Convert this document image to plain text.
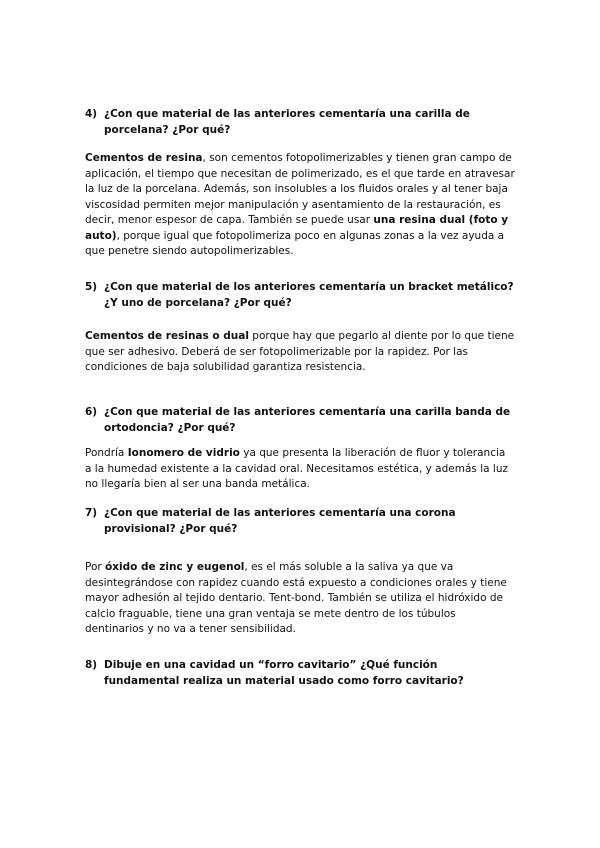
4) ¿Con que material de las anteriores cementaría una carilla de porcelana? ¿Por qué?
Cementos de resina, son cementos fotopolimerizables y tienen gran campo de aplicación, el tiempo que necesitan de polimerizado, es el que tarde en atravesar la luz de la porcelana. Además, son insolubles a los fluidos orales y al tener baja viscosidad permiten mejor manipulación y asentamiento de la restauración, es decir, menor espesor de capa. También se puede usar una resina dual (foto y auto), porque igual que fotopolimeriza poco en algunas zonas a la vez ayuda a que penetre siendo autopolimerizables.
5) ¿Con que material de los anteriores cementaría un bracket metálico? ¿Y uno de porcelana? ¿Por qué?
Cementos de resinas o dual porque hay que pegarlo al diente por lo que tiene que ser adhesivo. Deberá de ser fotopolimerizable por la rapidez. Por las condiciones de baja solubilidad garantiza resistencia.
6) ¿Con que material de las anteriores cementaría una carilla banda de ortodoncia? ¿Por qué?
Pondría Ionomero de vidrio ya que presenta la liberación de fluor y tolerancia a la humedad existente a la cavidad oral. Necesitamos estética, y además la luz no llegaría bien al ser una banda metálica.
7) ¿Con que material de las anteriores cementaría una corona provisional? ¿Por qué?
Por óxido de zinc y eugenol, es el más soluble a la saliva ya que va desintegrándose con rapidez cuando está expuesto a condiciones orales y tiene mayor adhesión al tejido dentario. Tent-bond. También se utiliza el hidróxido de calcio fraguable, tiene una gran ventaja se mete dentro de los túbulos dentinarios y no va a tener sensibilidad.
8) Dibuje en una cavidad un “forro cavitario” ¿Qué función fundamental realiza un material usado como forro cavitario?
